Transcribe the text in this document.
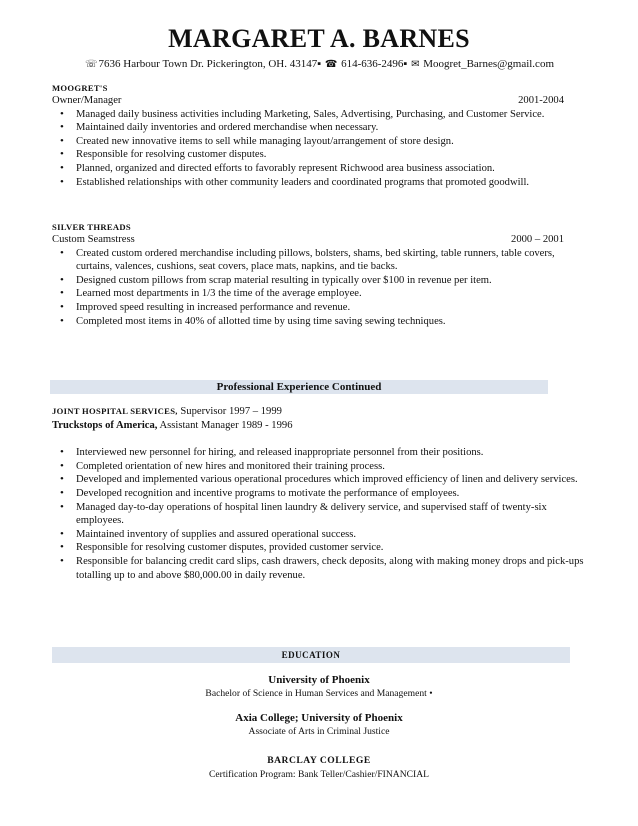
MARGARET A. BARNES
☏7636 Harbour Town Dr. Pickerington, OH. 43147▪ ☎ 614-636-2496▪ ✉ Moogret_Barnes@gmail.com
MOOGRET'S
Owner/Manager	2001-2004
• Managed daily business activities including Marketing, Sales, Advertising, Purchasing, and Customer Service.
• Maintained daily inventories and ordered merchandise when necessary.
• Created new innovative items to sell while managing layout/arrangement of store design.
• Responsible for resolving customer disputes.
• Planned, organized and directed efforts to favorably represent Richwood area business association.
• Established relationships with other community leaders and coordinated programs that promoted goodwill.
SILVER THREADS
Custom Seamstress	2000 – 2001
• Created custom ordered merchandise including pillows, bolsters, shams, bed skirting, table runners, table covers, curtains, valences, cushions, seat covers, place mats, napkins, and tie backs.
• Designed custom pillows from scrap material resulting in typically over $100 in revenue per item.
• Learned most departments in 1/3 the time of the average employee.
• Improved speed resulting in increased performance and revenue.
• Completed most items in 40% of allotted time by using time saving sewing techniques.
Professional Experience Continued
JOINT HOSPITAL SERVICES, Supervisor 1997 – 1999
Truckstops of America, Assistant Manager 1989 - 1996
• Interviewed new personnel for hiring, and released inappropriate personnel from their positions.
• Completed orientation of new hires and monitored their training process.
• Developed and implemented various operational procedures which improved efficiency of linen and delivery services.
• Developed recognition and incentive programs to motivate the performance of employees.
• Managed day-to-day operations of hospital linen laundry & delivery service, and supervised staff of twenty-six employees.
• Maintained inventory of supplies and assured operational success.
• Responsible for resolving customer disputes, provided customer service.
• Responsible for balancing credit card slips, cash drawers, check deposits, along with making money drops and pick-ups totalling up to and above $80,000.00 in daily revenue.
EDUCATION
University of Phoenix
Bachelor of Science in Human Services and Management •
Axia College; University of Phoenix
Associate of Arts in Criminal Justice
BARCLAY COLLEGE
Certification Program: Bank Teller/Cashier/FINANCIAL
